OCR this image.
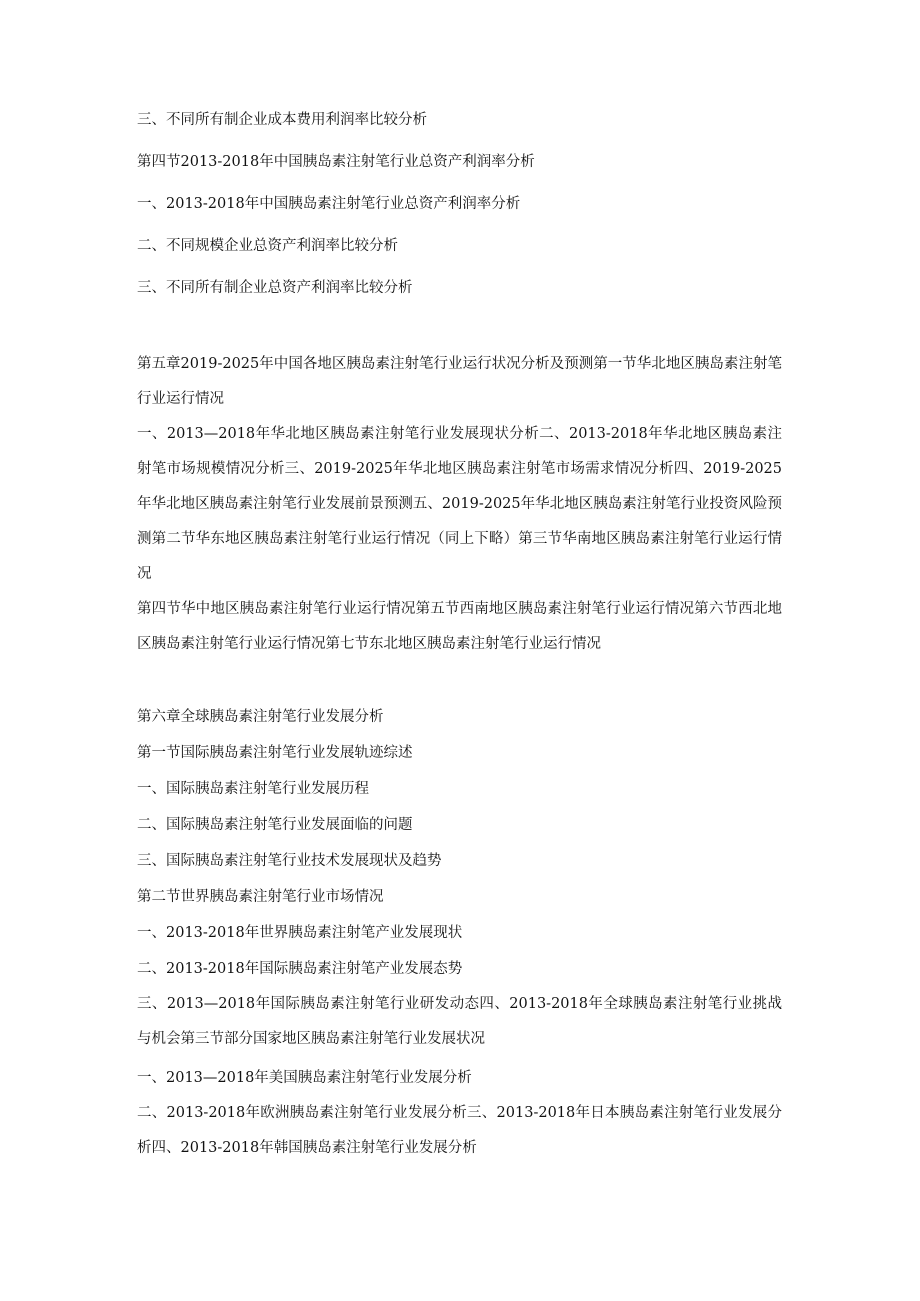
三、不同所有制企业成本费用利润率比较分析

第四节2013-2018年中国胰岛素注射笔行业总资产利润率分析

一、2013-2018年中国胰岛素注射笔行业总资产利润率分析

二、不同规模企业总资产利润率比较分析

三、不同所有制企业总资产利润率比较分析

第五章2019-2025年中国各地区胰岛素注射笔行业运行状况分析及预测第一节华北地区胰岛素注射笔行业运行情况

一、2013—2018年华北地区胰岛素注射笔行业发展现状分析二、2013-2018年华北地区胰岛素注射笔市场规模情况分析三、2019-2025年华北地区胰岛素注射笔市场需求情况分析四、2019-2025年华北地区胰岛素注射笔行业发展前景预测五、2019-2025年华北地区胰岛素注射笔行业投资风险预测第二节华东地区胰岛素注射笔行业运行情况（同上下略）第三节华南地区胰岛素注射笔行业运行情况

第四节华中地区胰岛素注射笔行业运行情况第五节西南地区胰岛素注射笔行业运行情况第六节西北地区胰岛素注射笔行业运行情况第七节东北地区胰岛素注射笔行业运行情况

第六章全球胰岛素注射笔行业发展分析

第一节国际胰岛素注射笔行业发展轨迹综述

一、国际胰岛素注射笔行业发展历程

二、国际胰岛素注射笔行业发展面临的问题

三、国际胰岛素注射笔行业技术发展现状及趋势

第二节世界胰岛素注射笔行业市场情况

一、2013-2018年世界胰岛素注射笔产业发展现状

二、2013-2018年国际胰岛素注射笔产业发展态势

三、2013—2018年国际胰岛素注射笔行业研发动态四、2013-2018年全球胰岛素注射笔行业挑战与机会第三节部分国家地区胰岛素注射笔行业发展状况

一、2013—2018年美国胰岛素注射笔行业发展分析

二、2013-2018年欧洲胰岛素注射笔行业发展分析三、2013-2018年日本胰岛素注射笔行业发展分析四、2013-2018年韩国胰岛素注射笔行业发展分析
